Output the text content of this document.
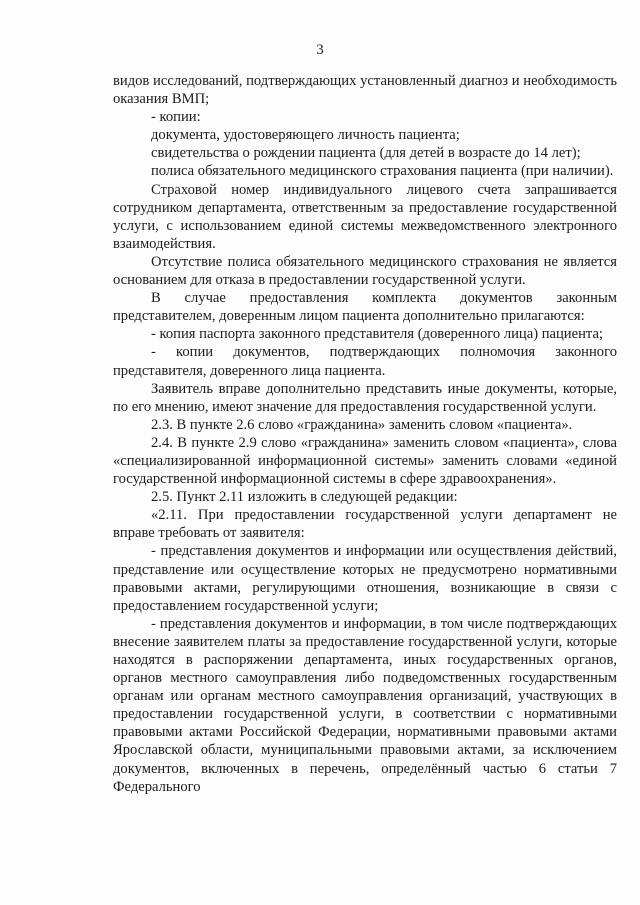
3

видов исследований, подтверждающих установленный диагноз и необходимость оказания ВМП;

- копии:

документа, удостоверяющего личность пациента;

свидетельства о рождении пациента (для детей в возрасте до 14 лет);

полиса обязательного медицинского страхования пациента (при наличии).

Страховой номер индивидуального лицевого счета запрашивается сотрудником департамента, ответственным за предоставление государственной услуги, с использованием единой системы межведомственного электронного взаимодействия.

Отсутствие полиса обязательного медицинского страхования не является основанием для отказа в предоставлении государственной услуги.

В случае предоставления комплекта документов законным представителем, доверенным лицом пациента дополнительно прилагаются:

- копия паспорта законного представителя (доверенного лица) пациента;

- копии документов, подтверждающих полномочия законного представителя, доверенного лица пациента.

Заявитель вправе дополнительно представить иные документы, которые, по его мнению, имеют значение для предоставления государственной услуги.

2.3. В пункте 2.6 слово «гражданина» заменить словом «пациента».

2.4. В пункте 2.9 слово «гражданина» заменить словом «пациента», слова «специализированной информационной системы» заменить словами «единой государственной информационной системы в сфере здравоохранения».

2.5. Пункт 2.11 изложить в следующей редакции:

«2.11. При предоставлении государственной услуги департамент не вправе требовать от заявителя:

- представления документов и информации или осуществления действий, представление или осуществление которых не предусмотрено нормативными правовыми актами, регулирующими отношения, возникающие в связи с предоставлением государственной услуги;

- представления документов и информации, в том числе подтверждающих внесение заявителем платы за предоставление государственной услуги, которые находятся в распоряжении департамента, иных государственных органов, органов местного самоуправления либо подведомственных государственным органам или органам местного самоуправления организаций, участвующих в предоставлении государственной услуги, в соответствии с нормативными правовыми актами Российской Федерации, нормативными правовыми актами Ярославской области, муниципальными правовыми актами, за исключением документов, включенных в перечень, определённый частью 6 статьи 7 Федерального
